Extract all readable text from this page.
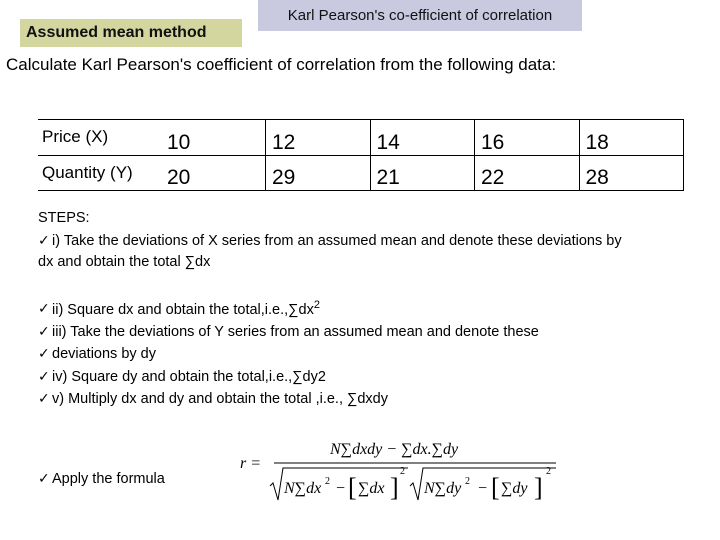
Assumed mean method
Karl Pearson's co-efficient of correlation
Calculate Karl Pearson's coefficient of correlation from the following data:
Price (X)	10	12	14	16	18
Quantity (Y)	20	29	21	22	28
STEPS:
✓ i) Take the deviations of X series from an assumed mean and denote these deviations by
dx and obtain the total ∑dx
✓ ii) Square dx and obtain the $total,i.e.,\sum dx^2$
✓ iii) Take the deviations of Y series from an assumed mean and denote these
✓ deviations by dy
✓ iv) Square dy and obtain the total,i.e.,∑dy2
✓ v) Multiply dx and dy and obtain the total ,i.e., ∑dxdy
✓ Apply the formula
r =
N∑dxdy − ∑dx.∑dy
N∑dx 2 − [ ∑dx ]
2
N∑dy 2 − [ ∑dy ]
2
